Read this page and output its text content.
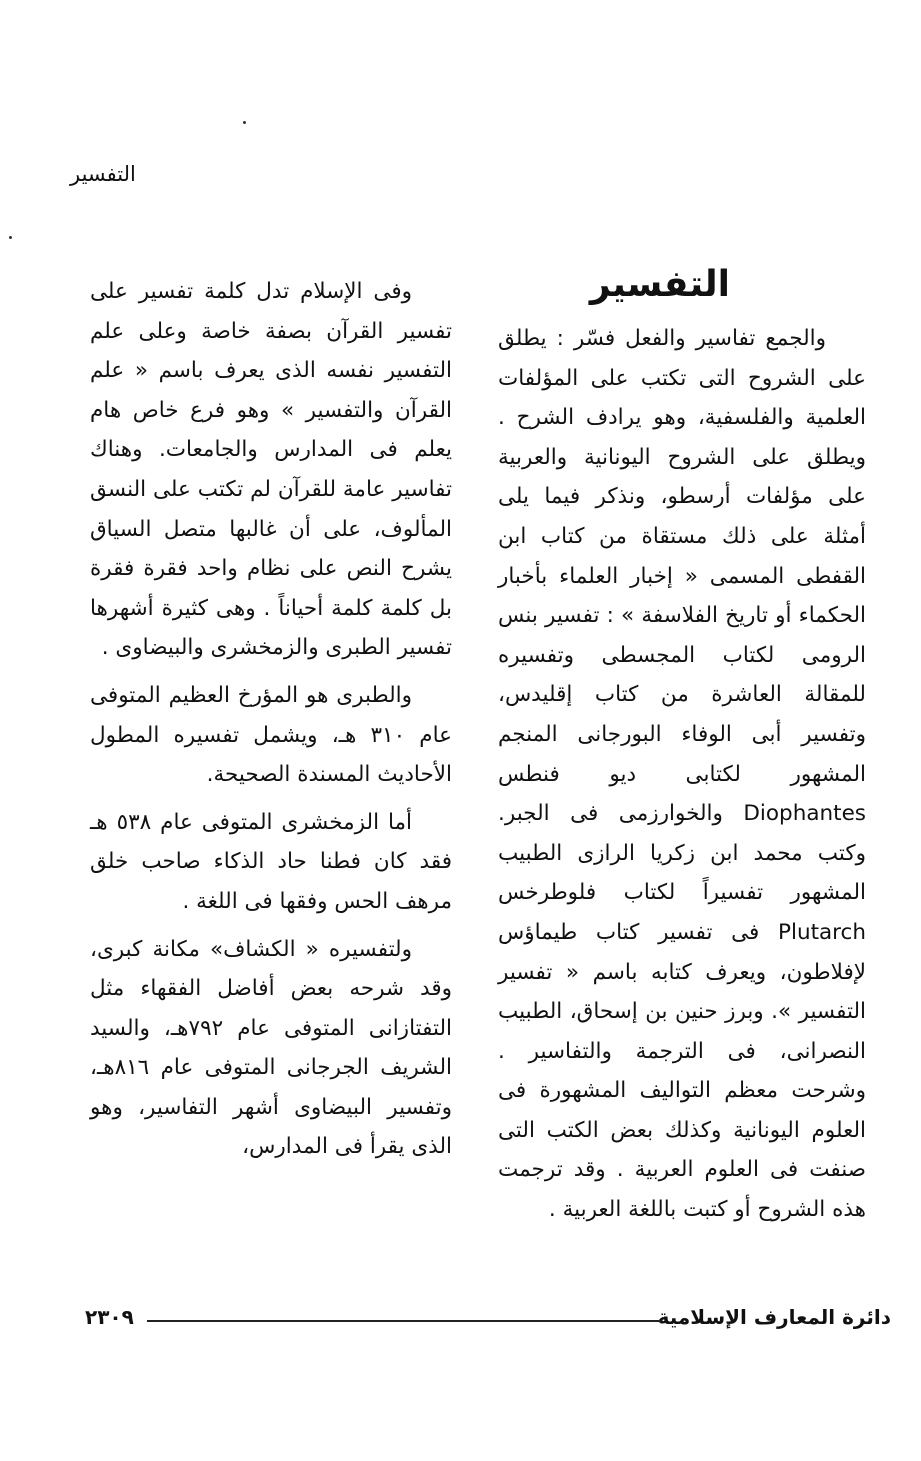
التفسير
التفسير

والجمع تفاسير والفعل فسّر : يطلق على الشروح التى تكتب على المؤلفات العلمية والفلسفية، وهو يرادف الشرح . ويطلق على الشروح اليونانية والعربية على مؤلفات أرسطو، ونذكر فيما يلى أمثلة على ذلك مستقاة من كتاب ابن القفطى المسمى « إخبار العلماء بأخبار الحكماء أو تاريخ الفلاسفة » : تفسير بنس الرومى لكتاب المجسطى وتفسيره للمقالة العاشرة من كتاب إقليدس، وتفسير أبى الوفاء البورجانى المنجم المشهور لكتابى ديو فنطس Diophantes والخوارزمى فى الجبر. وكتب محمد ابن زكريا الرازى الطبيب المشهور تفسيراً لكتاب فلوطرخس Plutarch فى تفسير كتاب طيماؤس لإفلاطون، ويعرف كتابه باسم « تفسير التفسير ». وبرز حنين بن إسحاق، الطبيب النصرانى، فى الترجمة والتفاسير . وشرحت معظم التواليف المشهورة فى العلوم اليونانية وكذلك بعض الكتب التى صنفت فى العلوم العربية . وقد ترجمت هذه الشروح أو كتبت باللغة العربية .

وفى الإسلام تدل كلمة تفسير على تفسير القرآن بصفة خاصة وعلى علم التفسير نفسه الذى يعرف باسم « علم القرآن والتفسير » وهو فرع خاص هام يعلم فى المدارس والجامعات. وهناك تفاسير عامة للقرآن لم تكتب على النسق المألوف، على أن غالبها متصل السياق يشرح النص على نظام واحد فقرة فقرة بل كلمة كلمة أحياناً . وهى كثيرة أشهرها تفسير الطبرى والزمخشرى والبيضاوى .

والطبرى هو المؤرخ العظيم المتوفى عام ٣١٠ هـ، ويشمل تفسيره المطول الأحاديث المسندة الصحيحة.

أما الزمخشرى المتوفى عام ٥٣٨ هـ فقد كان فطنا حاد الذكاء صاحب خلق مرهف الحس وفقها فى اللغة .

ولتفسيره « الكشاف» مكانة كبرى، وقد شرحه بعض أفاضل الفقهاء مثل التفتازانى المتوفى عام ٧٩٢هـ، والسيد الشريف الجرجانى المتوفى عام ٨١٦هـ، وتفسير البيضاوى أشهر التفاسير، وهو الذى يقرأ فى المدارس،

دائرة المعارف الإسلامية
٢٣٠٩
